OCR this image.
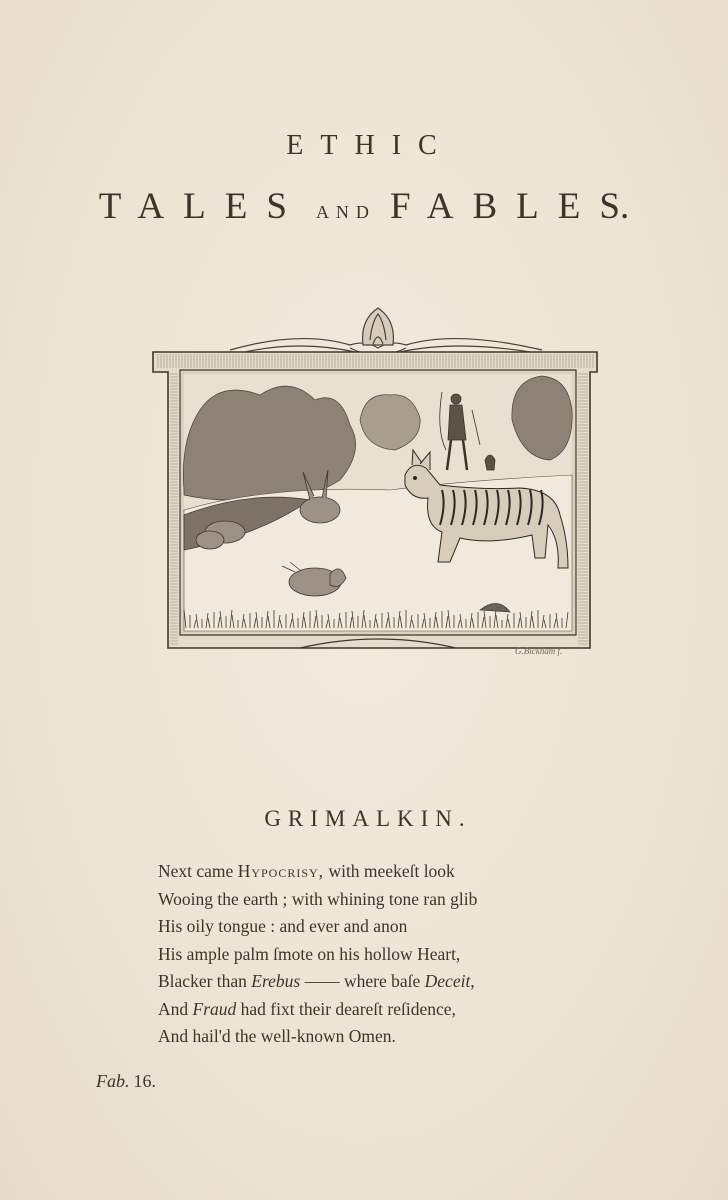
ETHIC
TALES AND FABLES.
G.Bickham f.
GRIMALKIN.
Next came Hypocrisy, with meekeſt look
Wooing the earth ; with whining tone ran glib
His oily tongue : and ever and anon
His ample palm ſmote on his hollow Heart,
Blacker than Erebus —— where baſe Deceit,
And Fraud had fixt their deareſt reſidence,
And hail'd the well-known Omen.
Fab. 16.
